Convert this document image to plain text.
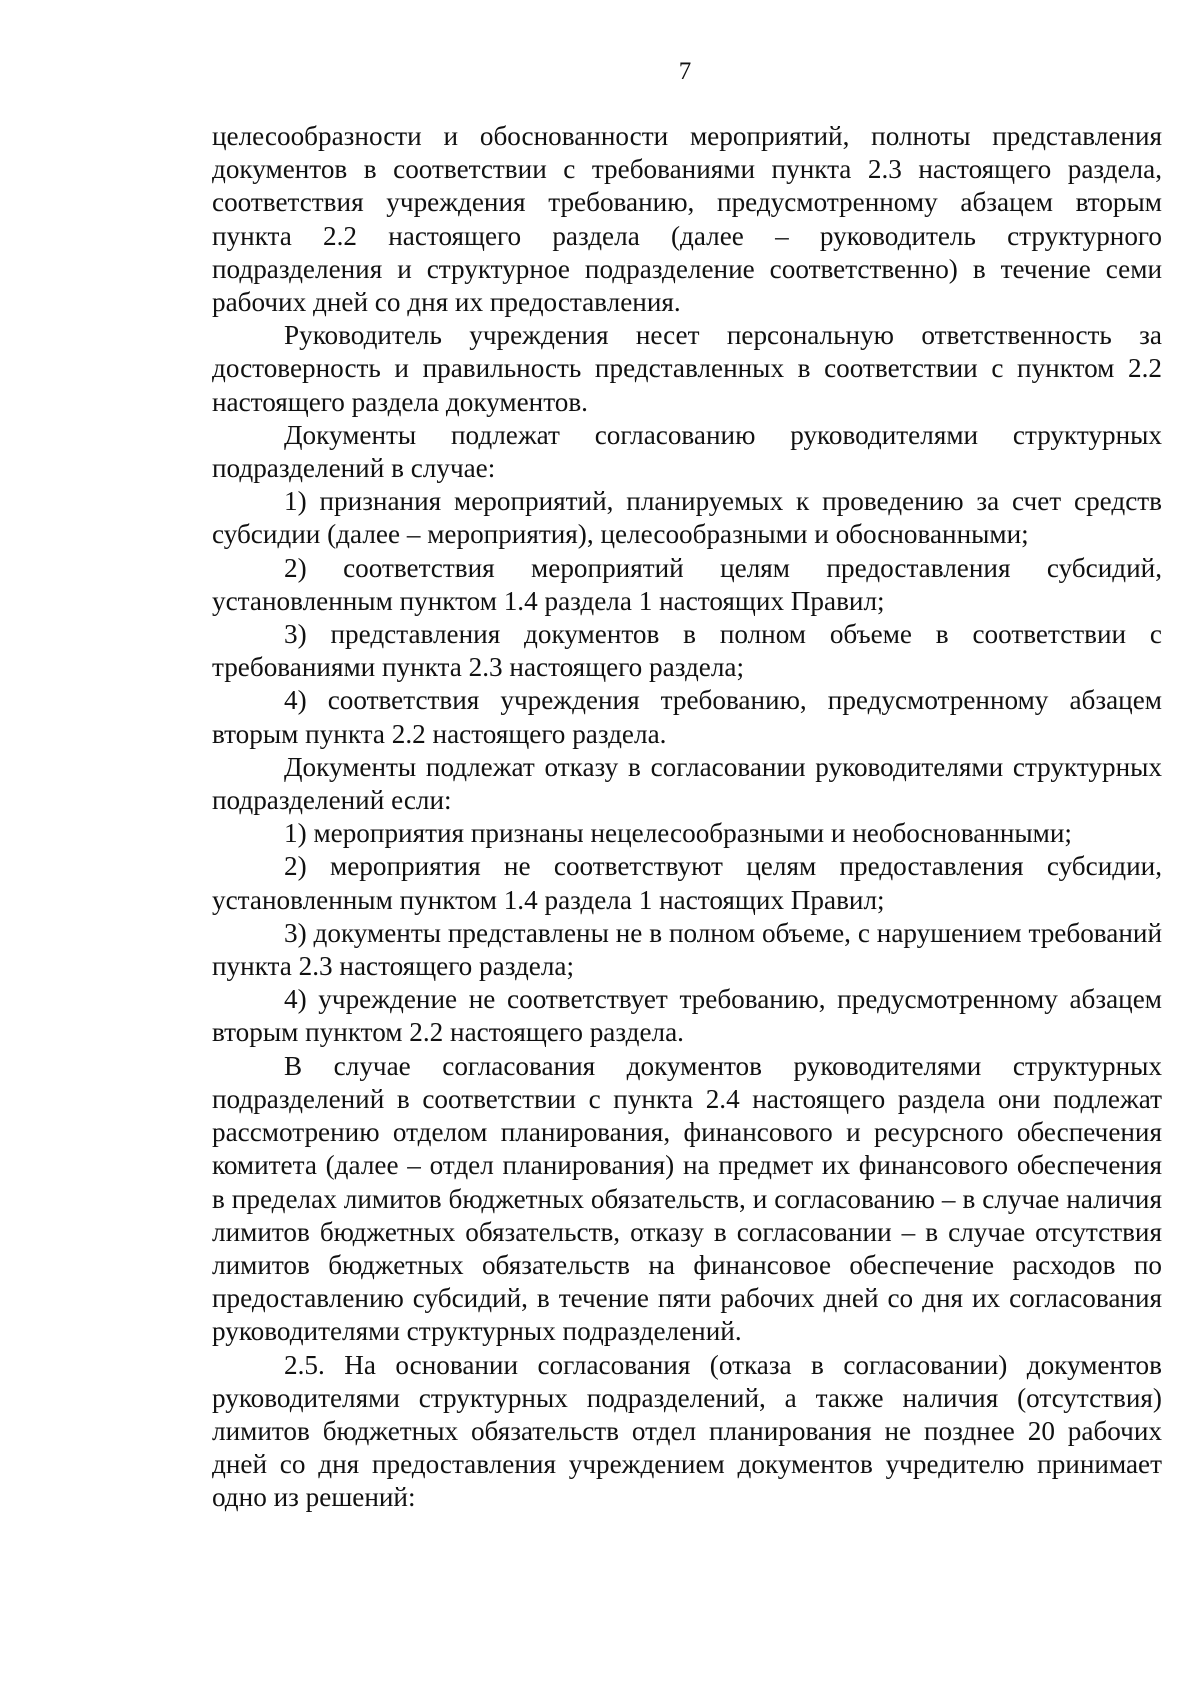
7

целесообразности и обоснованности мероприятий, полноты представления документов в соответствии с требованиями пункта 2.3 настоящего раздела, соответствия учреждения требованию, предусмотренному абзацем вторым пункта 2.2 настоящего раздела (далее – руководитель структурного подразделения и структурное подразделение соответственно) в течение семи рабочих дней со дня их предоставления.

Руководитель учреждения несет персональную ответственность за достоверность и правильность представленных в соответствии с пунктом 2.2 настоящего раздела документов.

Документы подлежат согласованию руководителями структурных подразделений в случае:

1) признания мероприятий, планируемых к проведению за счет средств субсидии (далее – мероприятия), целесообразными и обоснованными;

2) соответствия мероприятий целям предоставления субсидий, установленным пунктом 1.4 раздела 1 настоящих Правил;

3) представления документов в полном объеме в соответствии с требованиями пункта 2.3 настоящего раздела;

4) соответствия учреждения требованию, предусмотренному абзацем вторым пункта 2.2 настоящего раздела.

Документы подлежат отказу в согласовании руководителями структурных подразделений если:

1) мероприятия признаны нецелесообразными и необоснованными;

2) мероприятия не соответствуют целям предоставления субсидии, установленным пунктом 1.4 раздела 1 настоящих Правил;

3) документы представлены не в полном объеме, с нарушением требований пункта 2.3 настоящего раздела;

4) учреждение не соответствует требованию, предусмотренному абзацем вторым пунктом 2.2 настоящего раздела.

В случае согласования документов руководителями структурных подразделений в соответствии с пункта 2.4 настоящего раздела они подлежат рассмотрению отделом планирования, финансового и ресурсного обеспечения комитета (далее – отдел планирования) на предмет их финансового обеспечения в пределах лимитов бюджетных обязательств, и согласованию – в случае наличия лимитов бюджетных обязательств, отказу в согласовании – в случае отсутствия лимитов бюджетных обязательств на финансовое обеспечение расходов по предоставлению субсидий, в течение пяти рабочих дней со дня их согласования руководителями структурных подразделений.

2.5. На основании согласования (отказа в согласовании) документов руководителями структурных подразделений, а также наличия (отсутствия) лимитов бюджетных обязательств отдел планирования не позднее 20 рабочих дней со дня предоставления учреждением документов учредителю принимает одно из решений:
